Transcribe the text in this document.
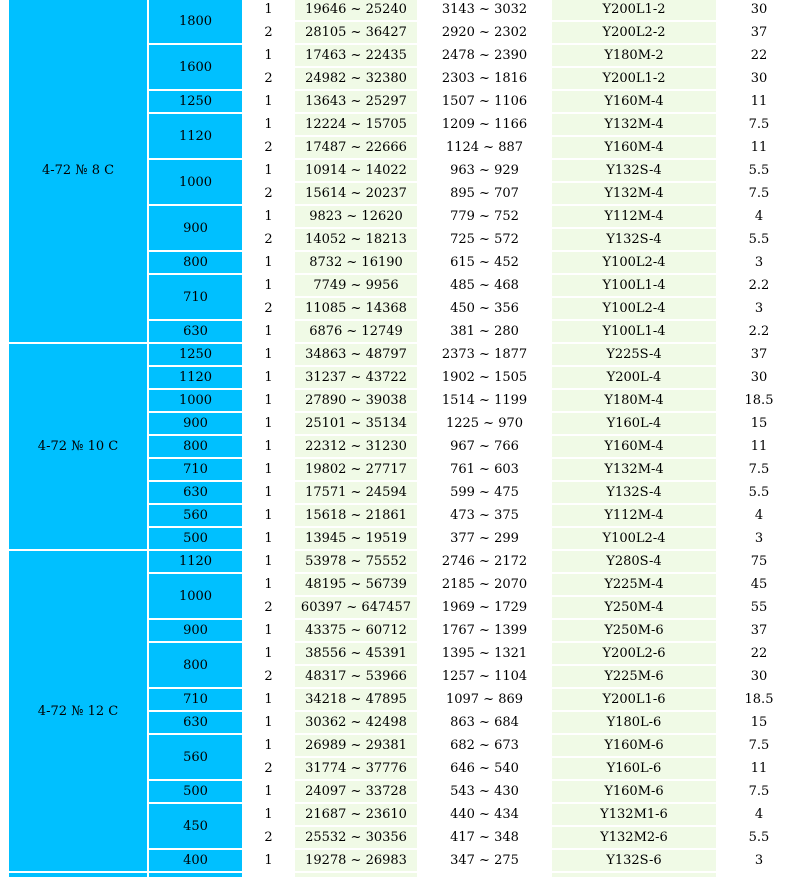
4-72 № 8 C	1800	1	19646 ~ 25240	3143 ~ 3032	Y200L1-2	30
		2	28105 ~ 36427	2920 ~ 2302	Y200L2-2	37
	1600	1	17463 ~ 22435	2478 ~ 2390	Y180M-2	22
		2	24982 ~ 32380	2303 ~ 1816	Y200L1-2	30
	1250	1	13643 ~ 25297	1507 ~ 1106	Y160M-4	11
	1120	1	12224 ~ 15705	1209 ~ 1166	Y132M-4	7.5
		2	17487 ~ 22666	1124 ~ 887	Y160M-4	11
	1000	1	10914 ~ 14022	963 ~ 929	Y132S-4	5.5
		2	15614 ~ 20237	895 ~ 707	Y132M-4	7.5
	900	1	9823 ~ 12620	779 ~ 752	Y112M-4	4
		2	14052 ~ 18213	725 ~ 572	Y132S-4	5.5
	800	1	8732 ~ 16190	615 ~ 452	Y100L2-4	3
	710	1	7749 ~ 9956	485 ~ 468	Y100L1-4	2.2
		2	11085 ~ 14368	450 ~ 356	Y100L2-4	3
	630	1	6876 ~ 12749	381 ~ 280	Y100L1-4	2.2
4-72 № 10 C	1250	1	34863 ~ 48797	2373 ~ 1877	Y225S-4	37
	1120	1	31237 ~ 43722	1902 ~ 1505	Y200L-4	30
	1000	1	27890 ~ 39038	1514 ~ 1199	Y180M-4	18.5
	900	1	25101 ~ 35134	1225 ~ 970	Y160L-4	15
	800	1	22312 ~ 31230	967 ~ 766	Y160M-4	11
	710	1	19802 ~ 27717	761 ~ 603	Y132M-4	7.5
	630	1	17571 ~ 24594	599 ~ 475	Y132S-4	5.5
	560	1	15618 ~ 21861	473 ~ 375	Y112M-4	4
	500	1	13945 ~ 19519	377 ~ 299	Y100L2-4	3
4-72 № 12 C	1120	1	53978 ~ 75552	2746 ~ 2172	Y280S-4	75
	1000	1	48195 ~ 56739	2185 ~ 2070	Y225M-4	45
		2	60397 ~ 647457	1969 ~ 1729	Y250M-4	55
	900	1	43375 ~ 60712	1767 ~ 1399	Y250M-6	37
	800	1	38556 ~ 45391	1395 ~ 1321	Y200L2-6	22
		2	48317 ~ 53966	1257 ~ 1104	Y225M-6	30
	710	1	34218 ~ 47895	1097 ~ 869	Y200L1-6	18.5
	630	1	30362 ~ 42498	863 ~ 684	Y180L-6	15
	560	1	26989 ~ 29381	682 ~ 673	Y160M-6	7.5
		2	31774 ~ 37776	646 ~ 540	Y160L-6	11
	500	1	24097 ~ 33728	543 ~ 430	Y160M-6	7.5
	450	1	21687 ~ 23610	440 ~ 434	Y132M1-6	4
		2	25532 ~ 30356	417 ~ 348	Y132M2-6	5.5
	400	1	19278 ~ 26983	347 ~ 275	Y132S-6	3
